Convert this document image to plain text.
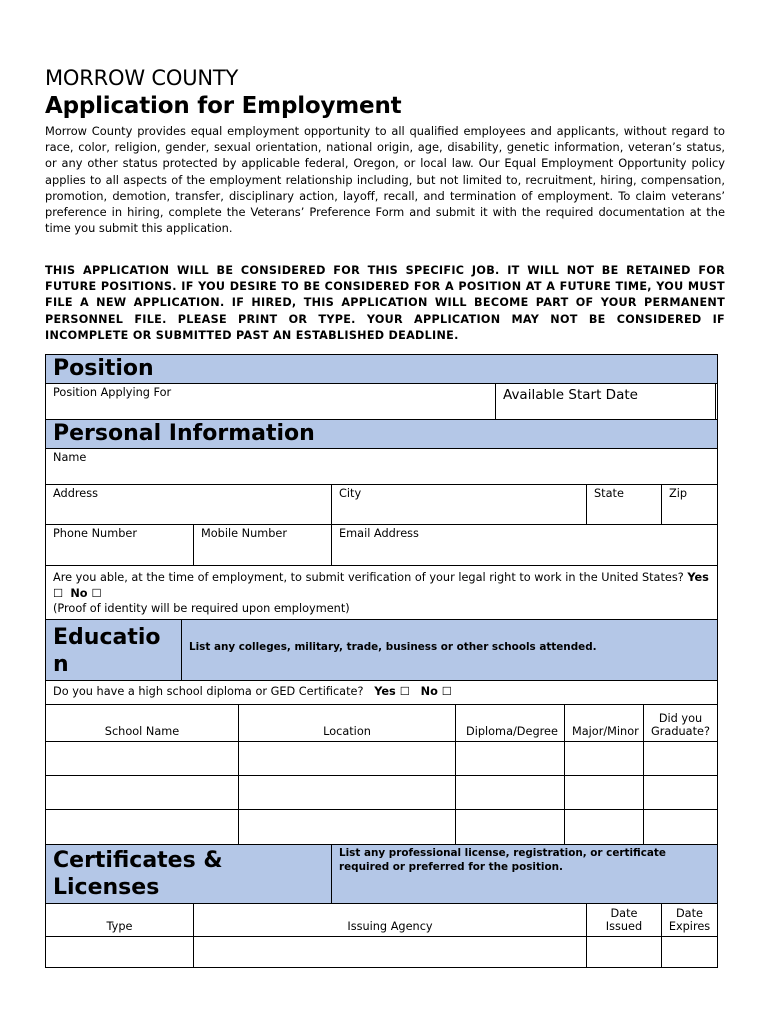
MORROW COUNTY
Application for Employment

Morrow County provides equal employment opportunity to all qualified employees and applicants, without regard to race, color, religion, gender, sexual orientation, national origin, age, disability, genetic information, veteran’s status, or any other status protected by applicable federal, Oregon, or local law. Our Equal Employment Opportunity policy applies to all aspects of the employment relationship including, but not limited to, recruitment, hiring, compensation, promotion, demotion, transfer, disciplinary action, layoff, recall, and termination of employment. To claim veterans’ preference in hiring, complete the Veterans’ Preference Form and submit it with the required documentation at the time you submit this application.

THIS APPLICATION WILL BE CONSIDERED FOR THIS SPECIFIC JOB. IT WILL NOT BE RETAINED FOR FUTURE POSITIONS. IF YOU DESIRE TO BE CONSIDERED FOR A POSITION AT A FUTURE TIME, YOU MUST FILE A NEW APPLICATION. IF HIRED, THIS APPLICATION WILL BECOME PART OF YOUR PERMANENT PERSONNEL FILE. PLEASE PRINT OR TYPE. YOUR APPLICATION MAY NOT BE CONSIDERED IF INCOMPLETE OR SUBMITTED PAST AN ESTABLISHED DEADLINE.

Position											

Position Applying For						Available Start Date					

Personal Information											

Name											

Address				City				State		Zip	

Phone Number		Mobile Number		Email Address							

Are you able, at the time of employment, to submit verification of your legal right to work in the United States? Yes ☐ No ☐
(Proof of identity will be required upon employment)											

Educatio
n	List any colleges, military, trade, business or other schools attended.										
Do you have a high school diploma or GED Certificate? Yes ☐ No ☐											
School Name			Location		Diploma/Degree		Major/Minor		Did you Graduate?		

Certificates & Licenses				List any professional license, registration, or certificate required or preferred for the position.							

Type		Issuing Agency						Date Issued		Date Expires	
